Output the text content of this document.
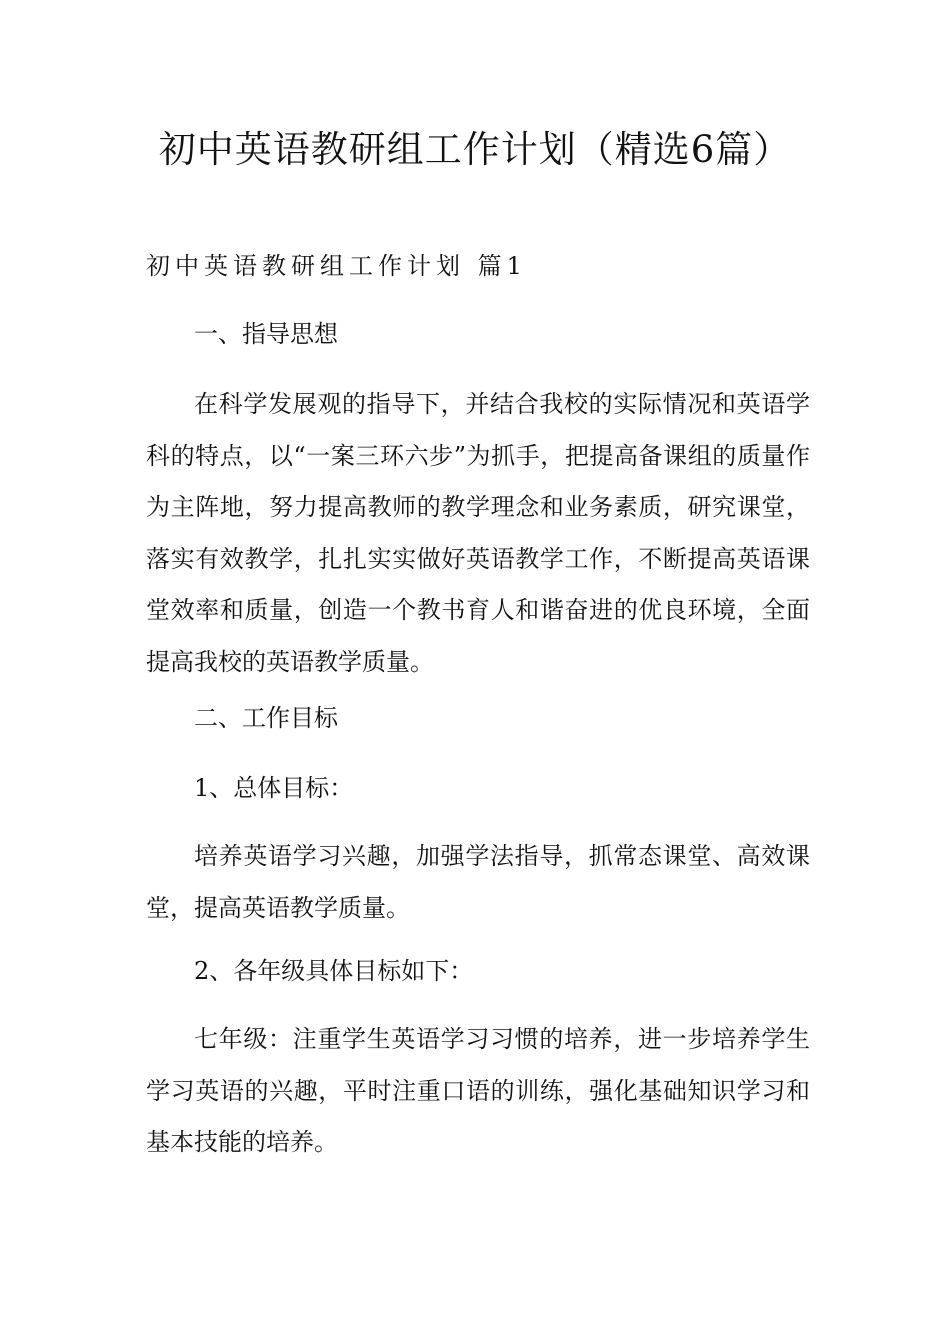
初中英语教研组工作计划（精选6篇）
初中英语教研组工作计划 篇1

一、指导思想

在科学发展观的指导下，并结合我校的实际情况和英语学科的特点，以“一案三环六步”为抓手，把提高备课组的质量作为主阵地，努力提高教师的教学理念和业务素质，研究课堂，落实有效教学，扎扎实实做好英语教学工作，不断提高英语课堂效率和质量，创造一个教书育人和谐奋进的优良环境，全面提高我校的英语教学质量。

二、工作目标

1、总体目标：

培养英语学习兴趣，加强学法指导，抓常态课堂、高效课堂，提高英语教学质量。

2、各年级具体目标如下：

七年级：注重学生英语学习习惯的培养，进一步培养学生学习英语的兴趣，平时注重口语的训练，强化基础知识学习和基本技能的培养。
